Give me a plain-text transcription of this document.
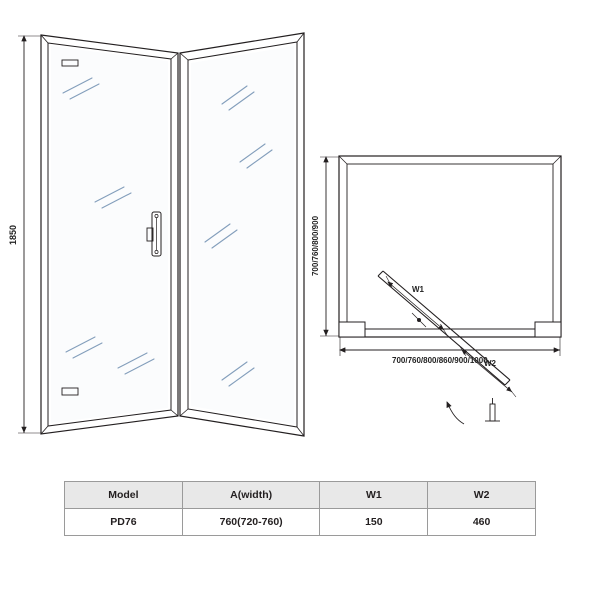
1850
W1
W2
700/760/800/900
700/760/800/860/900/1000
Model	A(width)	W1	W2
PD76	760(720-760)	150	460
